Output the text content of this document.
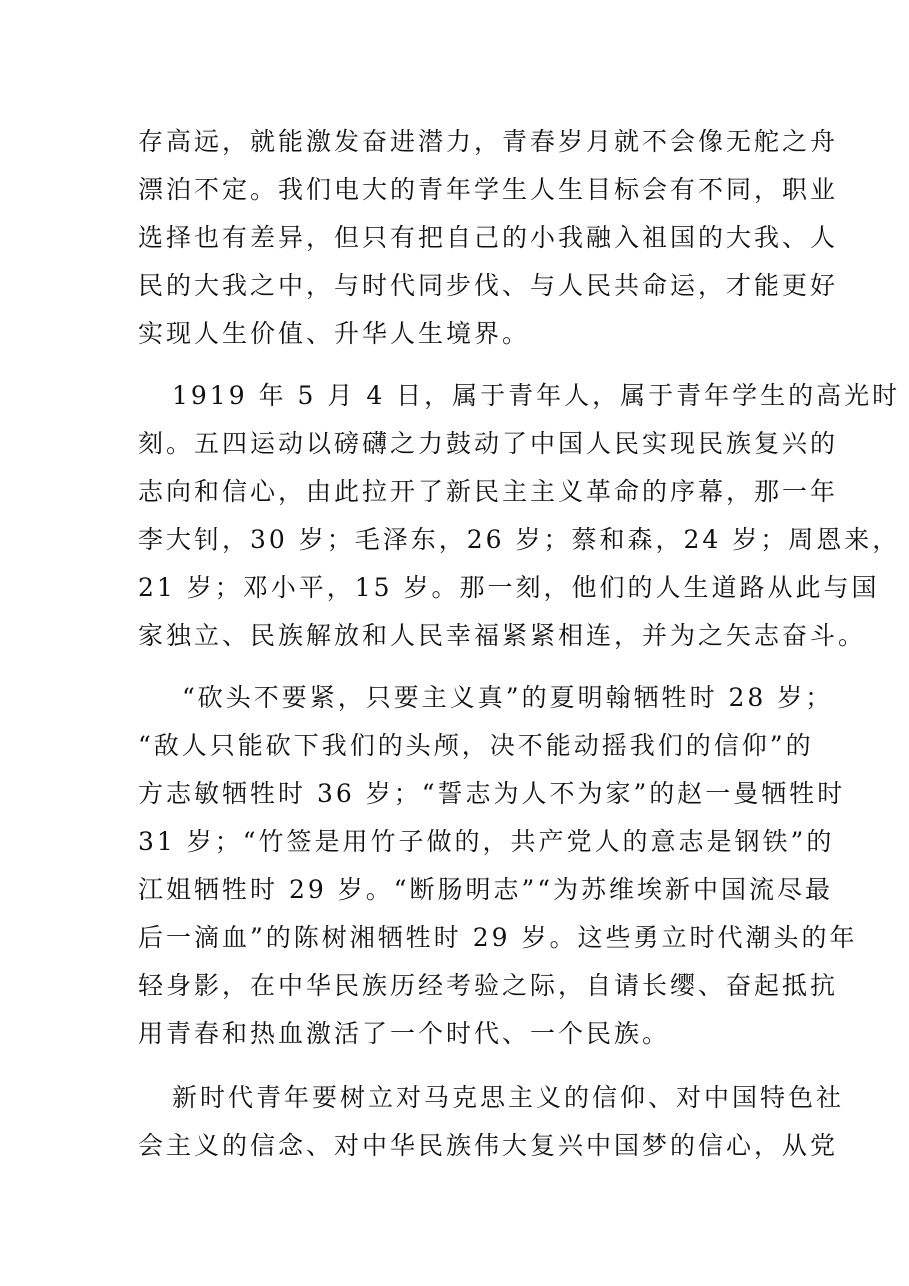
存高远，就能激发奋进潜力，青春岁月就不会像无舵之舟
漂泊不定。我们电大的青年学生人生目标会有不同，职业
选择也有差异，但只有把自己的小我融入祖国的大我、人
民的大我之中，与时代同步伐、与人民共命运，才能更好
实现人生价值、升华人生境界。
1919 年 5 月 4 日，属于青年人，属于青年学生的高光时
刻。五四运动以磅礴之力鼓动了中国人民实现民族复兴的
志向和信心，由此拉开了新民主主义革命的序幕，那一年
李大钊，30 岁；毛泽东，26 岁；蔡和森，24 岁；周恩来，
21 岁；邓小平，15 岁。那一刻，他们的人生道路从此与国
家独立、民族解放和人民幸福紧紧相连，并为之矢志奋斗。
“砍头不要紧，只要主义真”的夏明翰牺牲时 28 岁；
“敌人只能砍下我们的头颅，决不能动摇我们的信仰”的
方志敏牺牲时 36 岁；“誓志为人不为家”的赵一曼牺牲时
31 岁；“竹签是用竹子做的，共产党人的意志是钢铁”的
江姐牺牲时 29 岁。“断肠明志”“为苏维埃新中国流尽最
后一滴血”的陈树湘牺牲时 29 岁。这些勇立时代潮头的年
轻身影，在中华民族历经考验之际，自请长缨、奋起抵抗
用青春和热血激活了一个时代、一个民族。
新时代青年要树立对马克思主义的信仰、对中国特色社
会主义的信念、对中华民族伟大复兴中国梦的信心，从党
